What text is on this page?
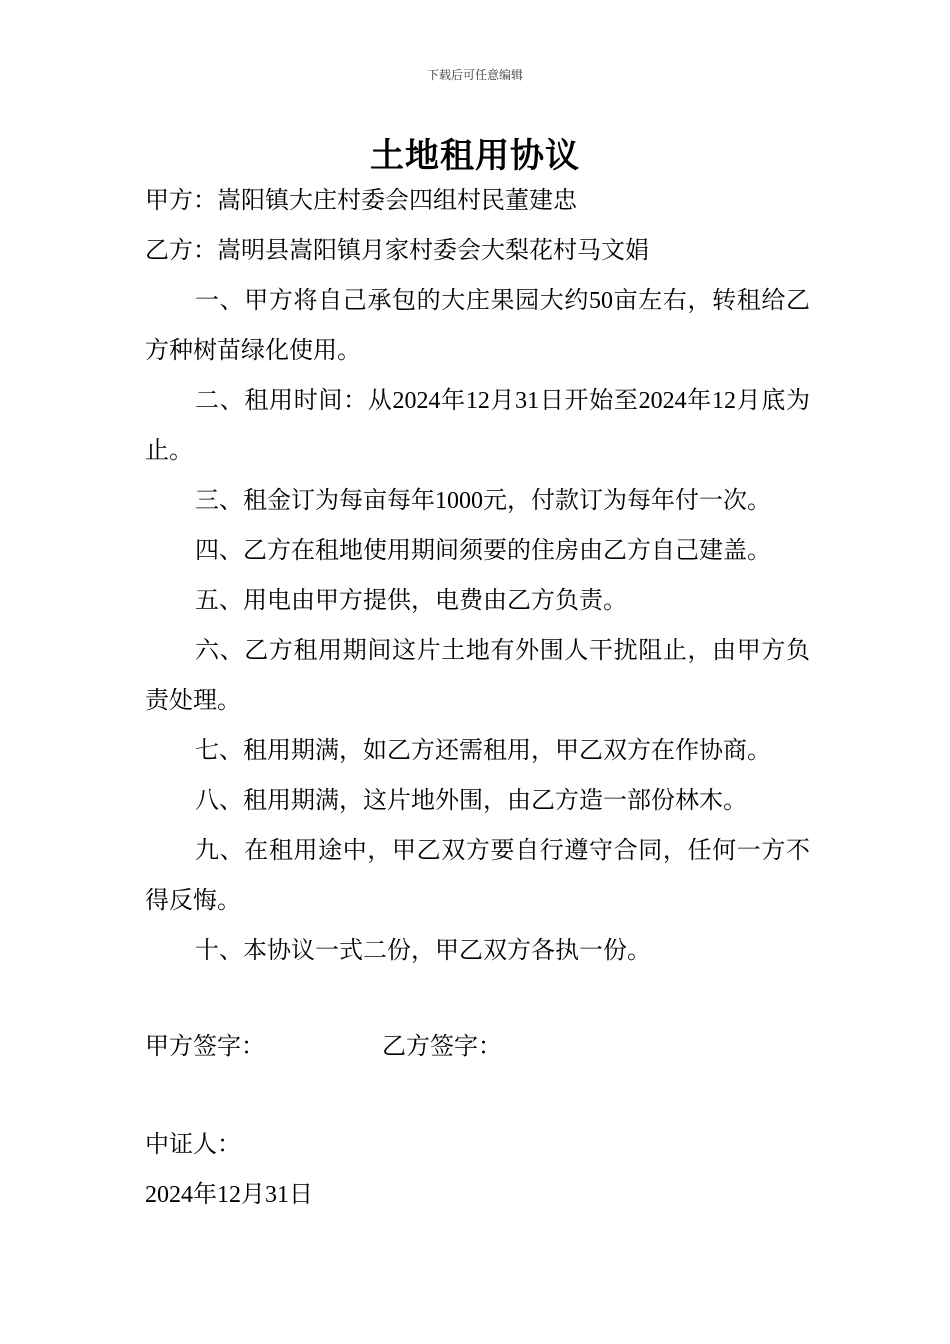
下载后可任意编辑
土地租用协议

甲方：嵩阳镇大庄村委会四组村民董建忠

乙方：嵩明县嵩阳镇月家村委会大梨花村马文娟

一、甲方将自己承包的大庄果园大约50亩左右，转租给乙方种树苗绿化使用。

二、租用时间：从2024年12月31日开始至2024年12月底为止。

三、租金订为每亩每年1000元，付款订为每年付一次。

四、乙方在租地使用期间须要的住房由乙方自己建盖。

五、用电由甲方提供，电费由乙方负责。

六、乙方租用期间这片土地有外围人干扰阻止，由甲方负责处理。

七、租用期满，如乙方还需租用，甲乙双方在作协商。

八、租用期满，这片地外围，由乙方造一部份林木。

九、在租用途中，甲乙双方要自行遵守合同，任何一方不得反悔。

十、本协议一式二份，甲乙双方各执一份。

甲方签字：	乙方签字：
中证人：
2024年12月31日
